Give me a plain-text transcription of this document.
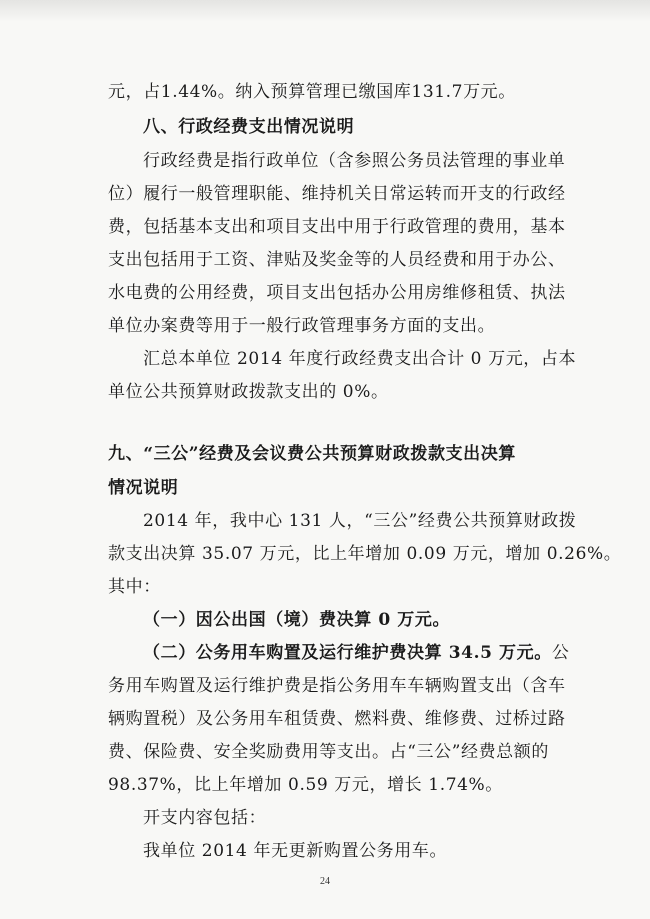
元，占1.44%。纳入预算管理已缴国库131.7万元。
八、行政经费支出情况说明
行政经费是指行政单位（含参照公务员法管理的事业单
位）履行一般管理职能、维持机关日常运转而开支的行政经
费，包括基本支出和项目支出中用于行政管理的费用，基本
支出包括用于工资、津贴及奖金等的人员经费和用于办公、
水电费的公用经费，项目支出包括办公用房维修租赁、执法
单位办案费等用于一般行政管理事务方面的支出。
汇总本单位 2014 年度行政经费支出合计 0 万元，占本
单位公共预算财政拨款支出的 0%。
九、“三公”经费及会议费公共预算财政拨款支出决算
情况说明
2014 年，我中心 131 人，“三公”经费公共预算财政拨
款支出决算 35.07 万元，比上年增加 0.09 万元，增加 0.26%。
其中：
（一）因公出国（境）费决算 0 万元。
（二）公务用车购置及运行维护费决算 34.5 万元。公
务用车购置及运行维护费是指公务用车车辆购置支出（含车
辆购置税）及公务用车租赁费、燃料费、维修费、过桥过路
费、保险费、安全奖励费用等支出。占“三公”经费总额的
98.37%，比上年增加 0.59 万元，增长 1.74%。
开支内容包括：
我单位 2014 年无更新购置公务用车。
24
